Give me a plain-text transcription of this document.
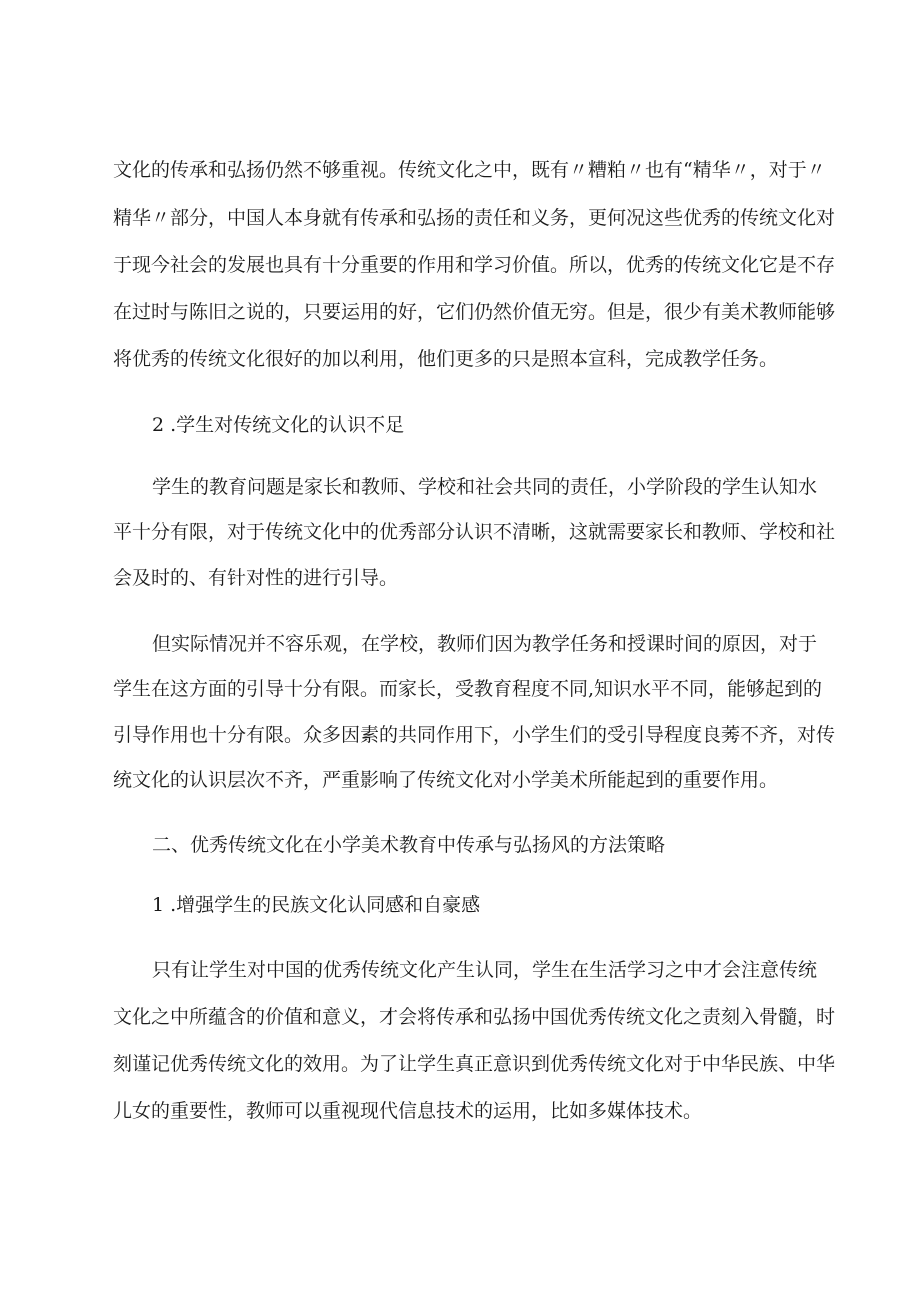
文化的传承和弘扬仍然不够重视。传统文化之中，既有〃糟粕〃也有“精华〃，对于〃
精华〃部分，中国人本身就有传承和弘扬的责任和义务，更何况这些优秀的传统文化对
于现今社会的发展也具有十分重要的作用和学习价值。所以，优秀的传统文化它是不存
在过时与陈旧之说的，只要运用的好，它们仍然价值无穷。但是，很少有美术教师能够
将优秀的传统文化很好的加以利用，他们更多的只是照本宣科，完成教学任务。
2 .学生对传统文化的认识不足
学生的教育问题是家长和教师、学校和社会共同的责任，小学阶段的学生认知水
平十分有限，对于传统文化中的优秀部分认识不清晰，这就需要家长和教师、学校和社
会及时的、有针对性的进行引导。
但实际情况并不容乐观，在学校，教师们因为教学任务和授课时间的原因，对于
学生在这方面的引导十分有限。而家长，受教育程度不同,知识水平不同，能够起到的
引导作用也十分有限。众多因素的共同作用下，小学生们的受引导程度良莠不齐，对传
统文化的认识层次不齐，严重影响了传统文化对小学美术所能起到的重要作用。
二、优秀传统文化在小学美术教育中传承与弘扬风的方法策略
1 .增强学生的民族文化认同感和自豪感
只有让学生对中国的优秀传统文化产生认同，学生在生活学习之中才会注意传统
文化之中所蕴含的价值和意义，才会将传承和弘扬中国优秀传统文化之责刻入骨髓，时
刻谨记优秀传统文化的效用。为了让学生真正意识到优秀传统文化对于中华民族、中华
儿女的重要性，教师可以重视现代信息技术的运用，比如多媒体技术。
